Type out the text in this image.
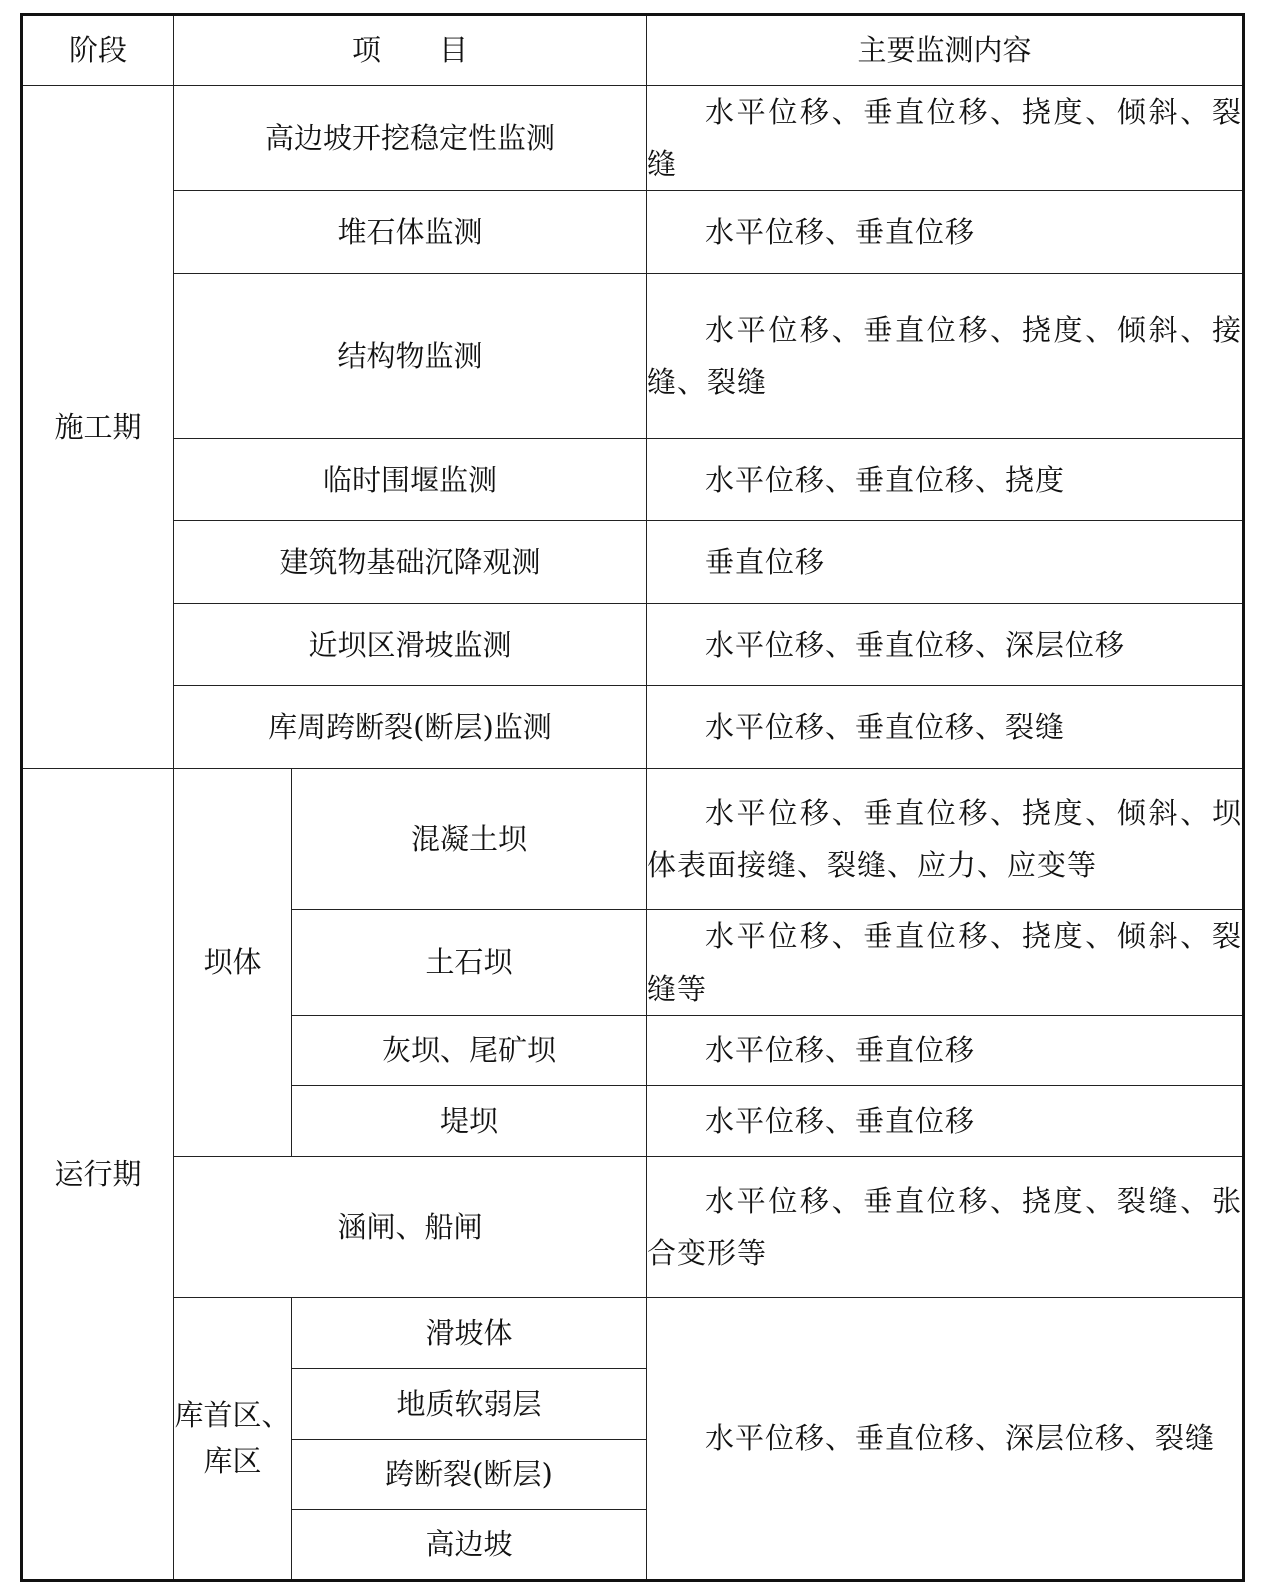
阶段	项 目		主要监测内容
施工期	高边坡开挖稳定性监测		水平位移、垂直位移、挠度、倾斜、裂缝

	堆石体监测		水平位移、垂直位移

	结构物监测		水平位移、垂直位移、挠度、倾斜、接缝、裂缝

	临时围堰监测		水平位移、垂直位移、挠度

	建筑物基础沉降观测		垂直位移

	近坝区滑坡监测		水平位移、垂直位移、深层位移

	库周跨断裂(断层)监测		水平位移、垂直位移、裂缝

运行期	坝体	混凝土坝	水平位移、垂直位移、挠度、倾斜、坝体表面接缝、裂缝、应力、应变等

		土石坝	水平位移、垂直位移、挠度、倾斜、裂缝等

		灰坝、尾矿坝	水平位移、垂直位移

		堤坝	水平位移、垂直位移

	涵闸、船闸		水平位移、垂直位移、挠度、裂缝、张合变形等

	库首区、库区	滑坡体	水平位移、垂直位移、深层位移、裂缝

		地质软弱层	
		跨断裂(断层)	
		高边坡	
